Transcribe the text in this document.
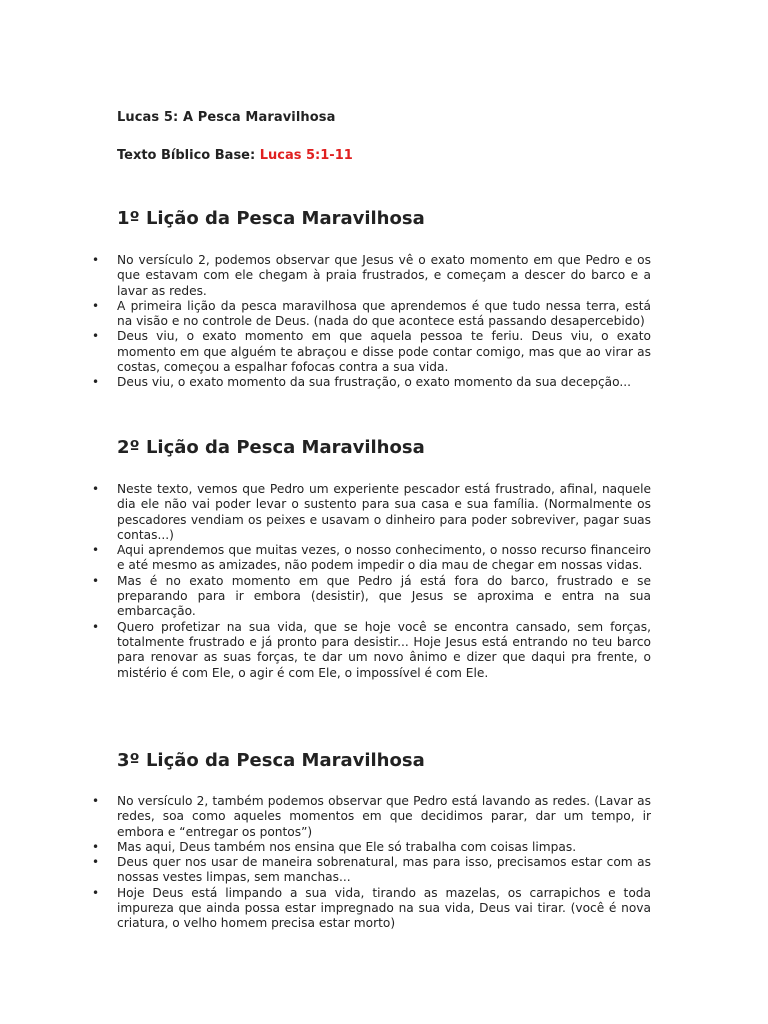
Lucas 5: A Pesca Maravilhosa
Texto Bíblico Base: Lucas 5:1-11
1º Lição da Pesca Maravilhosa
• No versículo 2, podemos observar que Jesus vê o exato momento em que Pedro e os que estavam com ele chegam à praia frustrados, e começam a descer do barco e a lavar as redes.
• A primeira lição da pesca maravilhosa que aprendemos é que tudo nessa terra, está na visão e no controle de Deus. (nada do que acontece está passando desapercebido)
• Deus viu, o exato momento em que aquela pessoa te feriu. Deus viu, o exato momento em que alguém te abraçou e disse pode contar comigo, mas que ao virar as costas, começou a espalhar fofocas contra a sua vida.
• Deus viu, o exato momento da sua frustração, o exato momento da sua decepção...
2º Lição da Pesca Maravilhosa
• Neste texto, vemos que Pedro um experiente pescador está frustrado, afinal, naquele dia ele não vai poder levar o sustento para sua casa e sua família. (Normalmente os pescadores vendiam os peixes e usavam o dinheiro para poder sobreviver, pagar suas contas...)
• Aqui aprendemos que muitas vezes, o nosso conhecimento, o nosso recurso financeiro e até mesmo as amizades, não podem impedir o dia mau de chegar em nossas vidas.
• Mas é no exato momento em que Pedro já está fora do barco, frustrado e se preparando para ir embora (desistir), que Jesus se aproxima e entra na sua embarcação.
• Quero profetizar na sua vida, que se hoje você se encontra cansado, sem forças, totalmente frustrado e já pronto para desistir... Hoje Jesus está entrando no teu barco para renovar as suas forças, te dar um novo ânimo e dizer que daqui pra frente, o mistério é com Ele, o agir é com Ele, o impossível é com Ele.
3º Lição da Pesca Maravilhosa
• No versículo 2, também podemos observar que Pedro está lavando as redes. (Lavar as redes, soa como aqueles momentos em que decidimos parar, dar um tempo, ir embora e “entregar os pontos”)
• Mas aqui, Deus também nos ensina que Ele só trabalha com coisas limpas.
• Deus quer nos usar de maneira sobrenatural, mas para isso, precisamos estar com as nossas vestes limpas, sem manchas...
• Hoje Deus está limpando a sua vida, tirando as mazelas, os carrapichos e toda impureza que ainda possa estar impregnado na sua vida, Deus vai tirar. (você é nova criatura, o velho homem precisa estar morto)
